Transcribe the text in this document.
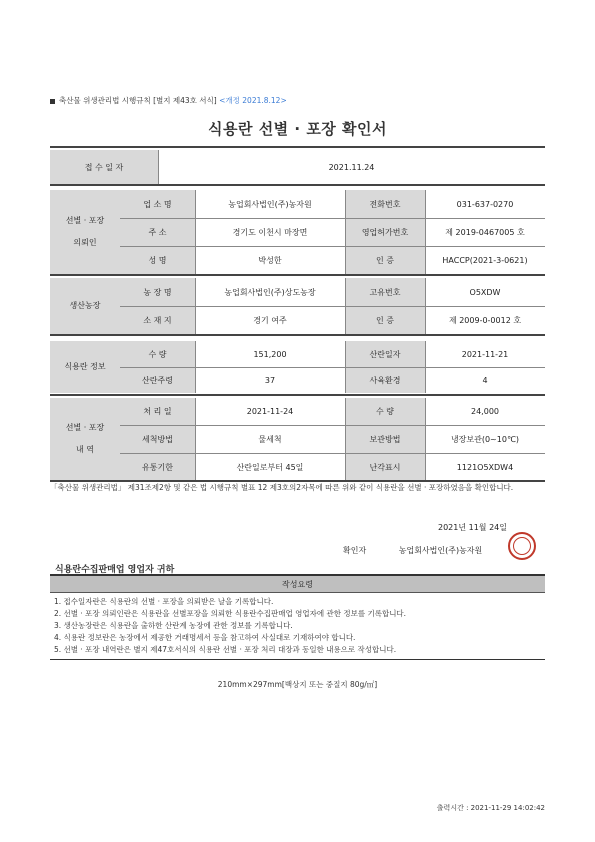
축산물 위생관리법 시행규칙 [별지 제43호 서식] <개정 2021.8.12>
식용란 선별 · 포장 확인서
접 수 일 자	2021.11.24
선별 · 포장
의뢰인
업 소 명	농업회사법인(주)농자원	전화번호	031-637-0270
주 소	경기도 이천시 마장면	영업허가번호	제 2019-0467005 호
성 명	박성한	인 증	HACCP(2021-3-0621)
생산농장
농 장 명	농업회사법인(주)상도농장	고유번호	O5XDW
소 재 지	경기 여주	인 증	제 2009-0-0012 호
식용란 정보
수 량	151,200	산란일자	2021-11-21
산란주령	37	사육환경	4
선별 · 포장
내 역
처 리 일	2021-11-24	수 량	24,000
세척방법	물세척	보관방법	냉장보관(0~10℃)
유통기한	산란일로부터 45일	난각표시	1121O5XDW4
「축산물 위생관리법」 제31조제2항 및 같은 법 시행규칙 별표 12 제3호의2자목에 따른 위와 같이 식용란을 선별 · 포장하였음을 확인합니다.
2021년 11월 24일
확인자	농업회사법인(주)농자원
식용란수집판매업 영업자 귀하
작성요령
1. 접수일자란은 식용란의 선별 · 포장을 의뢰받은 날을 기록합니다.
2. 선별 · 포장 의뢰인란은 식용란을 선별포장을 의뢰한 식용란수집판매업 영업자에 관한 정보를 기록합니다.
3. 생산농장란은 식용란을 출하한 산란계 농장에 관한 정보를 기록합니다.
4. 식용란 정보란은 농장에서 제공한 거래명세서 등을 참고하여 사실대로 기재하여야 합니다.
5. 선별 · 포장 내역란은 별지 제47호서식의 식용란 선별 · 포장 처리 대장과 동일한 내용으로 작성합니다.
210mm×297mm[백상지 또는 중질지 80g/㎡]
출력시간 : 2021-11-29 14:02:42
